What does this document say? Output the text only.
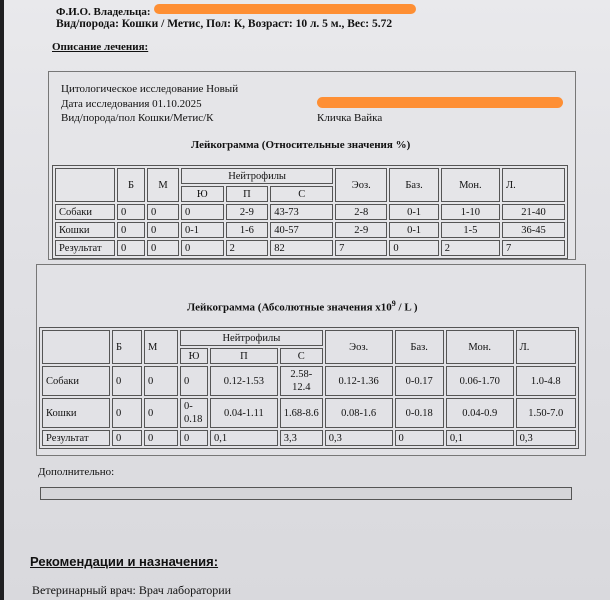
Ф.И.О. Владельца:
Вид/порода: Кошки / Метис, Пол: К, Возраст: 10 л. 5 м., Вес: 5.72
Описание лечения:
Цитологическое исследование Новый
Дата исследования 01.10.2025
Вид/порода/пол Кошки/Метис/К	Кличка Вайка
Лейкограмма (Относительные значения %)
	Б	М	Нейтрофилы			Эоз.	Баз.	Мон.	Л.
			Ю	П	С				
Собаки	0	0	0	2-9	43-73	2-8	0-1	1-10	21-40
Кошки	0	0	0-1	1-6	40-57	2-9	0-1	1-5	36-45
Результат	0	0	0	2	82	7	0	2	7
Лейкограмма (Абсолютные значения $x10^9$ / L )
	Б	М	Нейтрофилы			Эоз.	Баз.	Мон.	Л.
			Ю	П	С				
Собаки	0	0	0	0.12-1.53	2.58-12.4	0.12-1.36	0-0.17	0.06-1.70	1.0-4.8
Кошки	0	0	0-0.18	0.04-1.11	1.68-8.6	0.08-1.6	0-0.18	0.04-0.9	1.50-7.0
Результат	0	0	0	0,1	3,3	0,3	0	0,1	0,3
Дополнительно:
Рекомендации и назначения:
Ветеринарный врач: Врач лаборатории
